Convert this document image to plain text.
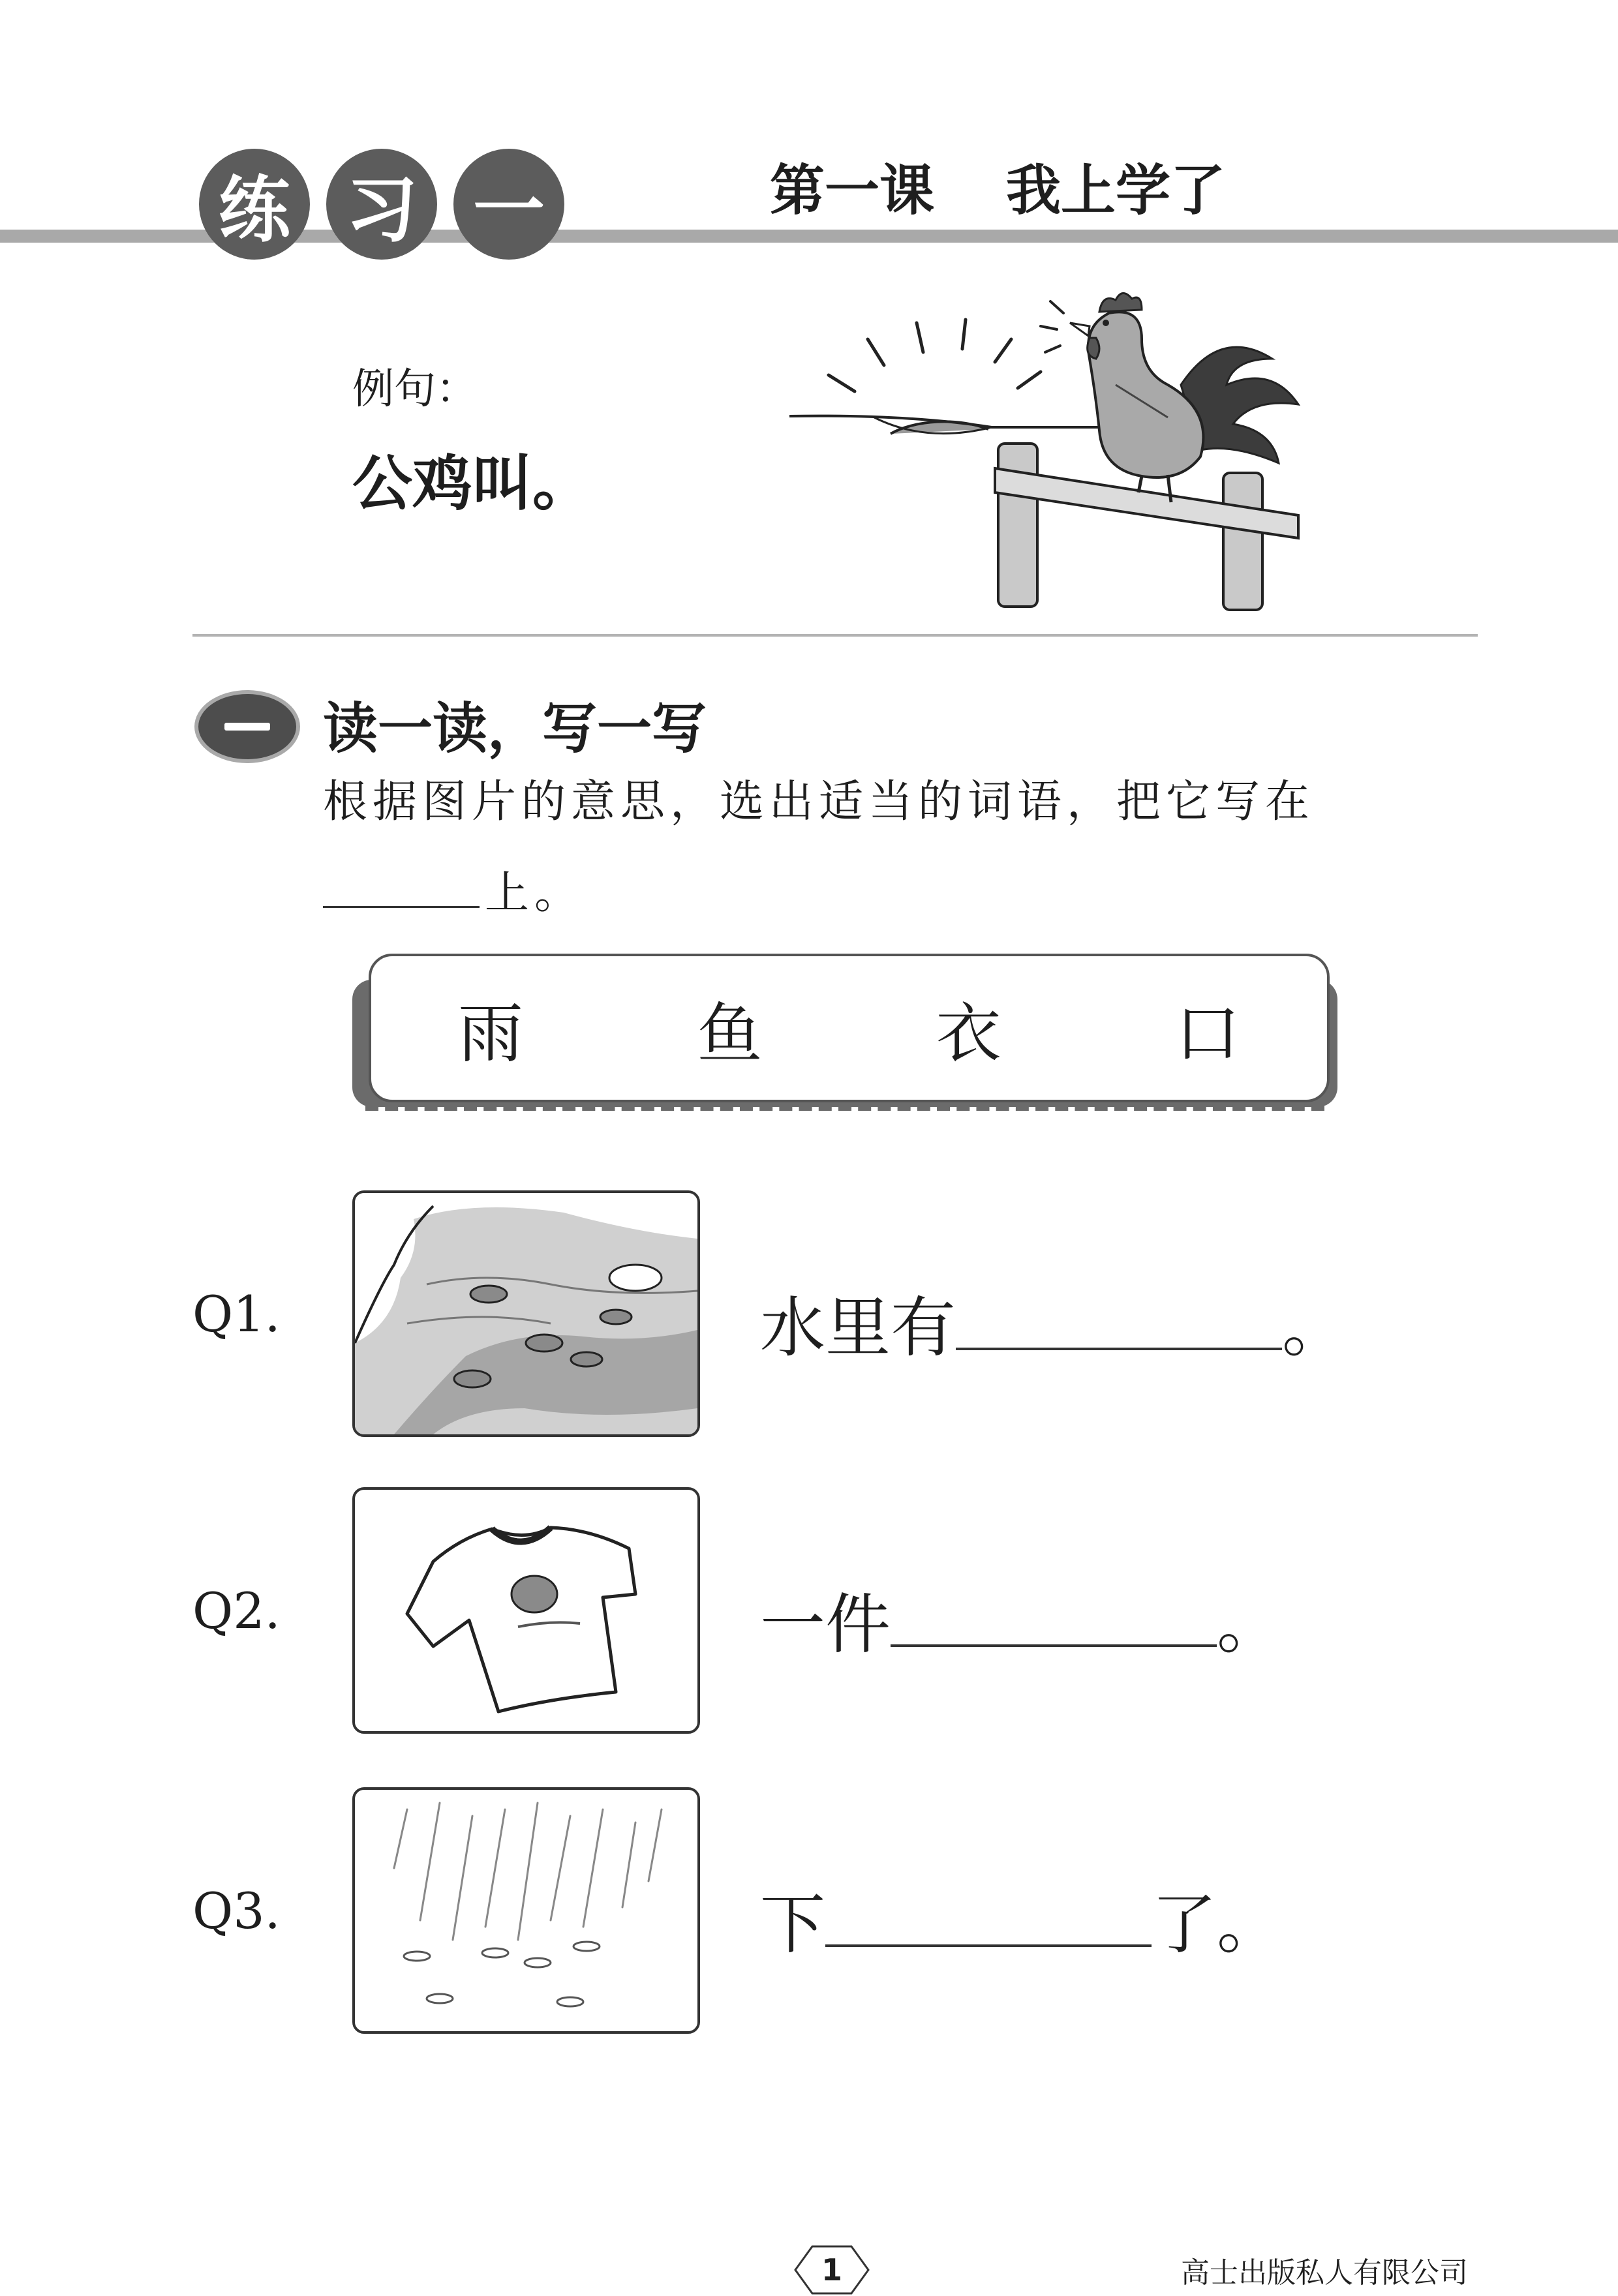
练 习 一	第一课 我上学了
例句：
公鸡叫。
读一读，写一写
根据图片的意思，选出适当的词语，把它写在
上。
雨	鱼	衣	口
Q1.	水里有	。
Q2.	一件	。
Q3.	下	了。
1	高士出版私人有限公司
